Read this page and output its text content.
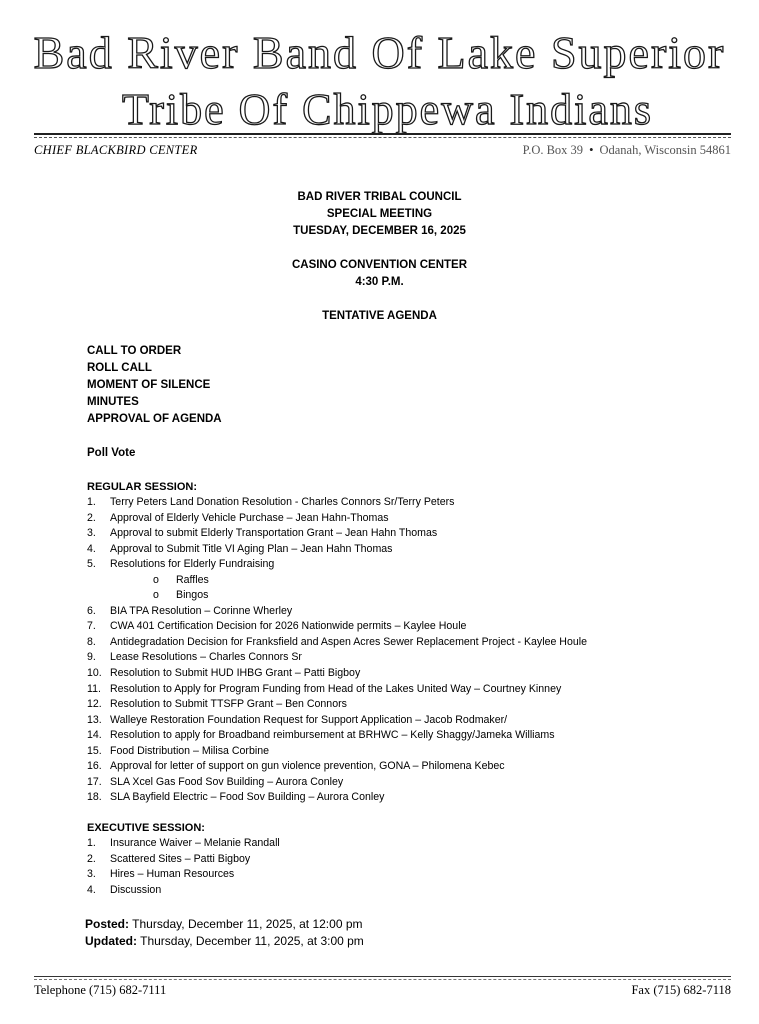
Bad River Band Of Lake Superior
Tribe Of Chippewa Indians
CHIEF BLACKBIRD CENTER	P.O. Box 39 • Odanah, Wisconsin 54861
BAD RIVER TRIBAL COUNCIL
SPECIAL MEETING
TUESDAY, DECEMBER 16, 2025
CASINO CONVENTION CENTER
4:30 P.M.
TENTATIVE AGENDA
CALL TO ORDER
ROLL CALL
MOMENT OF SILENCE
MINUTES
APPROVAL OF AGENDA
Poll Vote
REGULAR SESSION:
1. Terry Peters Land Donation Resolution - Charles Connors Sr/Terry Peters
2. Approval of Elderly Vehicle Purchase – Jean Hahn-Thomas
3. Approval to submit Elderly Transportation Grant – Jean Hahn Thomas
4. Approval to Submit Title VI Aging Plan – Jean Hahn Thomas
5. Resolutions for Elderly Fundraising
o Raffles
o Bingos
6. BIA TPA Resolution – Corinne Wherley
7. CWA 401 Certification Decision for 2026 Nationwide permits – Kaylee Houle
8. Antidegradation Decision for Franksfield and Aspen Acres Sewer Replacement Project - Kaylee Houle
9. Lease Resolutions – Charles Connors Sr
10. Resolution to Submit HUD IHBG Grant – Patti Bigboy
11. Resolution to Apply for Program Funding from Head of the Lakes United Way – Courtney Kinney
12. Resolution to Submit TTSFP Grant – Ben Connors
13. Walleye Restoration Foundation Request for Support Application – Jacob Rodmaker/
14. Resolution to apply for Broadband reimbursement at BRHWC – Kelly Shaggy/Jameka Williams
15. Food Distribution – Milisa Corbine
16. Approval for letter of support on gun violence prevention, GONA – Philomena Kebec
17. SLA Xcel Gas Food Sov Building – Aurora Conley
18. SLA Bayfield Electric – Food Sov Building – Aurora Conley
EXECUTIVE SESSION:
1. Insurance Waiver – Melanie Randall
2. Scattered Sites – Patti Bigboy
3. Hires – Human Resources
4. Discussion
Posted: Thursday, December 11, 2025, at 12:00 pm
Updated: Thursday, December 11, 2025, at 3:00 pm
Telephone (715) 682-7111	Fax (715) 682-7118
